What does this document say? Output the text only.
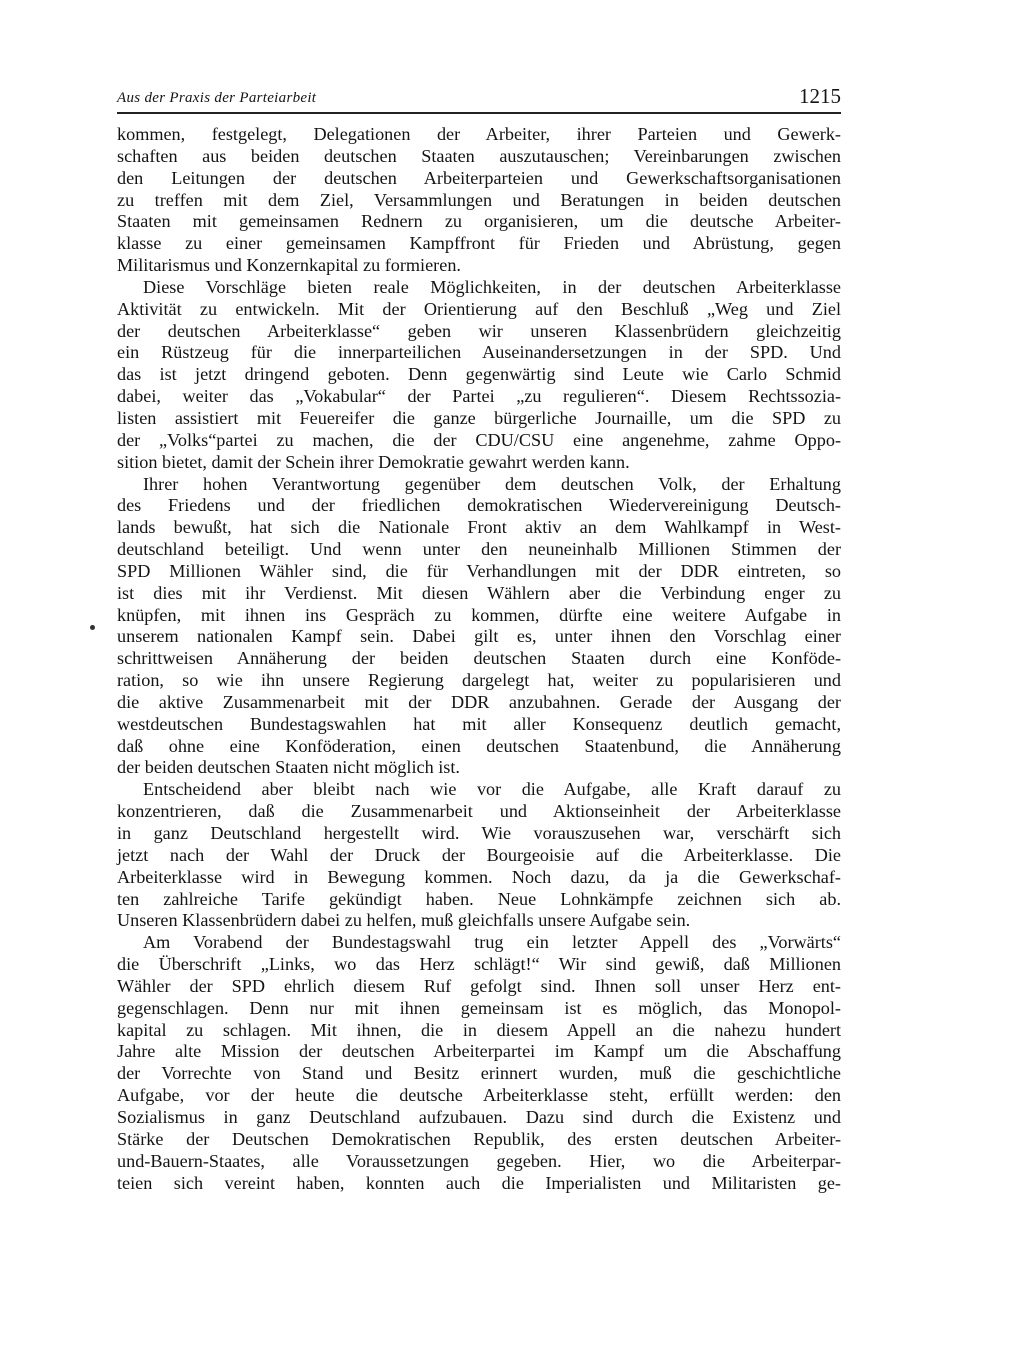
Aus der Praxis der Parteiarbeit	1215
kommen, festgelegt, Delegationen der Arbeiter, ihrer Parteien und Gewerk-
schaften aus beiden deutschen Staaten auszutauschen; Vereinbarungen zwischen
den Leitungen der deutschen Arbeiterparteien und Gewerkschaftsorganisationen
zu treffen mit dem Ziel, Versammlungen und Beratungen in beiden deutschen
Staaten mit gemeinsamen Rednern zu organisieren, um die deutsche Arbeiter-
klasse zu einer gemeinsamen Kampffront für Frieden und Abrüstung, gegen
Militarismus und Konzernkapital zu formieren.
Diese Vorschläge bieten reale Möglichkeiten, in der deutschen Arbeiterklasse
Aktivität zu entwickeln. Mit der Orientierung auf den Beschluß „Weg und Ziel
der deutschen Arbeiterklasse“ geben wir unseren Klassenbrüdern gleichzeitig
ein Rüstzeug für die innerparteilichen Auseinandersetzungen in der SPD. Und
das ist jetzt dringend geboten. Denn gegenwärtig sind Leute wie Carlo Schmid
dabei, weiter das „Vokabular“ der Partei „zu regulieren“. Diesem Rechtssozia-
listen assistiert mit Feuereifer die ganze bürgerliche Journaille, um die SPD zu
der „Volks“partei zu machen, die der CDU/CSU eine angenehme, zahme Oppo-
sition bietet, damit der Schein ihrer Demokratie gewahrt werden kann.
Ihrer hohen Verantwortung gegenüber dem deutschen Volk, der Erhaltung
des Friedens und der friedlichen demokratischen Wiedervereinigung Deutsch-
lands bewußt, hat sich die Nationale Front aktiv an dem Wahlkampf in West-
deutschland beteiligt. Und wenn unter den neuneinhalb Millionen Stimmen der
SPD Millionen Wähler sind, die für Verhandlungen mit der DDR eintreten, so
ist dies mit ihr Verdienst. Mit diesen Wählern aber die Verbindung enger zu
knüpfen, mit ihnen ins Gespräch zu kommen, dürfte eine weitere Aufgabe in
unserem nationalen Kampf sein. Dabei gilt es, unter ihnen den Vorschlag einer
schrittweisen Annäherung der beiden deutschen Staaten durch eine Konföde-
ration, so wie ihn unsere Regierung dargelegt hat, weiter zu popularisieren und
die aktive Zusammenarbeit mit der DDR anzubahnen. Gerade der Ausgang der
westdeutschen Bundestagswahlen hat mit aller Konsequenz deutlich gemacht,
daß ohne eine Konföderation, einen deutschen Staatenbund, die Annäherung
der beiden deutschen Staaten nicht möglich ist.
Entscheidend aber bleibt nach wie vor die Aufgabe, alle Kraft darauf zu
konzentrieren, daß die Zusammenarbeit und Aktionseinheit der Arbeiterklasse
in ganz Deutschland hergestellt wird. Wie vorauszusehen war, verschärft sich
jetzt nach der Wahl der Druck der Bourgeoisie auf die Arbeiterklasse. Die
Arbeiterklasse wird in Bewegung kommen. Noch dazu, da ja die Gewerkschaf-
ten zahlreiche Tarife gekündigt haben. Neue Lohnkämpfe zeichnen sich ab.
Unseren Klassenbrüdern dabei zu helfen, muß gleichfalls unsere Aufgabe sein.
Am Vorabend der Bundestagswahl trug ein letzter Appell des „Vorwärts“
die Überschrift „Links, wo das Herz schlägt!“ Wir sind gewiß, daß Millionen
Wähler der SPD ehrlich diesem Ruf gefolgt sind. Ihnen soll unser Herz ent-
gegenschlagen. Denn nur mit ihnen gemeinsam ist es möglich, das Monopol-
kapital zu schlagen. Mit ihnen, die in diesem Appell an die nahezu hundert
Jahre alte Mission der deutschen Arbeiterpartei im Kampf um die Abschaffung
der Vorrechte von Stand und Besitz erinnert wurden, muß die geschichtliche
Aufgabe, vor der heute die deutsche Arbeiterklasse steht, erfüllt werden: den
Sozialismus in ganz Deutschland aufzubauen. Dazu sind durch die Existenz und
Stärke der Deutschen Demokratischen Republik, des ersten deutschen Arbeiter-
und-Bauern-Staates, alle Voraussetzungen gegeben. Hier, wo die Arbeiterpar-
teien sich vereint haben, konnten auch die Imperialisten und Militaristen ge-
